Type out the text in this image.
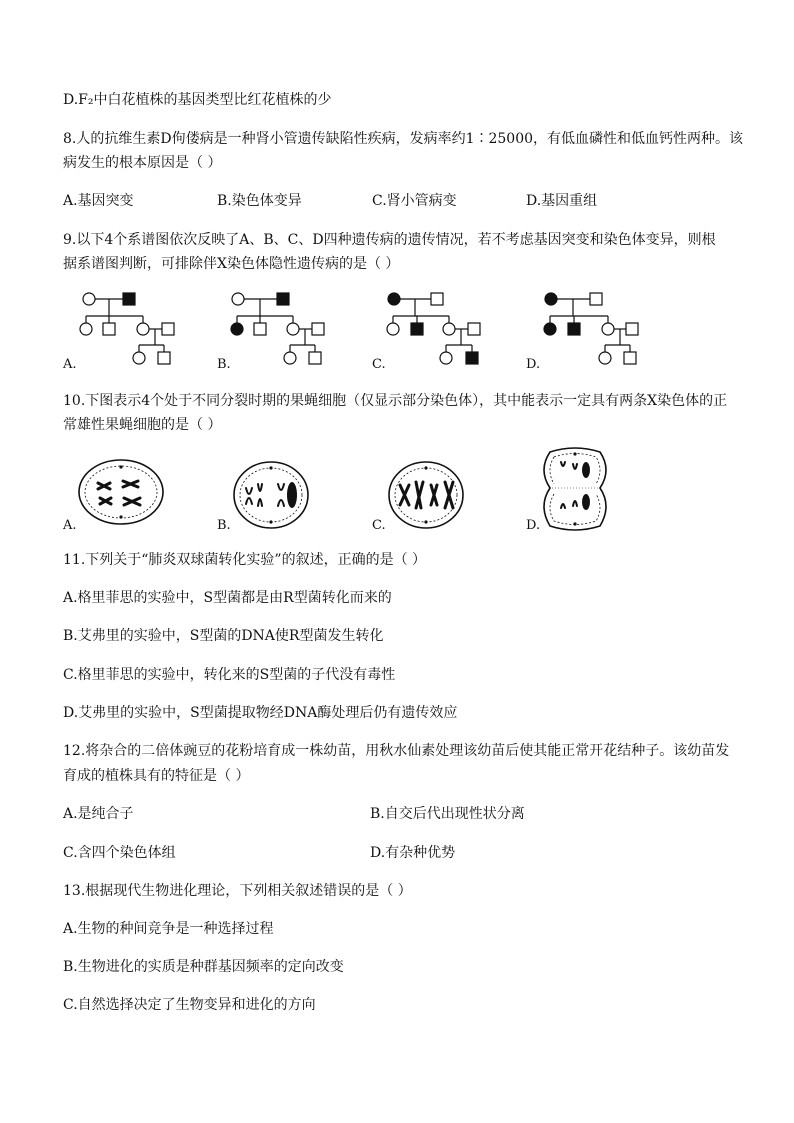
D.F₂中白花植株的基因类型比红花植株的少
8.人的抗维生素D佝偻病是一种肾小管遗传缺陷性疾病，发病率约1∶25000，有低血磷性和低血钙性两种。该
病发生的根本原因是（ ）
A.基因突变	B.染色体变异	C.肾小管病变	D.基因重组
9.以下4个系谱图依次反映了A、B、C、D四种遗传病的遗传情况，若不考虑基因突变和染色体变异，则根
据系谱图判断，可排除伴X染色体隐性遗传病的是（ ）
A.	B.	C.	D.
10.下图表示4个处于不同分裂时期的果蝇细胞（仅显示部分染色体），其中能表示一定具有两条X染色体的正
常雄性果蝇细胞的是（ ）
A.	B.	C.	D.
11.下列关于“肺炎双球菌转化实验”的叙述，正确的是（ ）
A.格里菲思的实验中，S型菌都是由R型菌转化而来的
B.艾弗里的实验中，S型菌的DNA使R型菌发生转化
C.格里菲思的实验中，转化来的S型菌的子代没有毒性
D.艾弗里的实验中，S型菌提取物经DNA酶处理后仍有遗传效应
12.将杂合的二倍体豌豆的花粉培育成一株幼苗，用秋水仙素处理该幼苗后使其能正常开花结种子。该幼苗发
育成的植株具有的特征是（ ）
A.是纯合子	B.自交后代出现性状分离
C.含四个染色体组	D.有杂种优势
13.根据现代生物进化理论，下列相关叙述错误的是（ ）
A.生物的种间竞争是一种选择过程
B.生物进化的实质是种群基因频率的定向改变
C.自然选择决定了生物变异和进化的方向
